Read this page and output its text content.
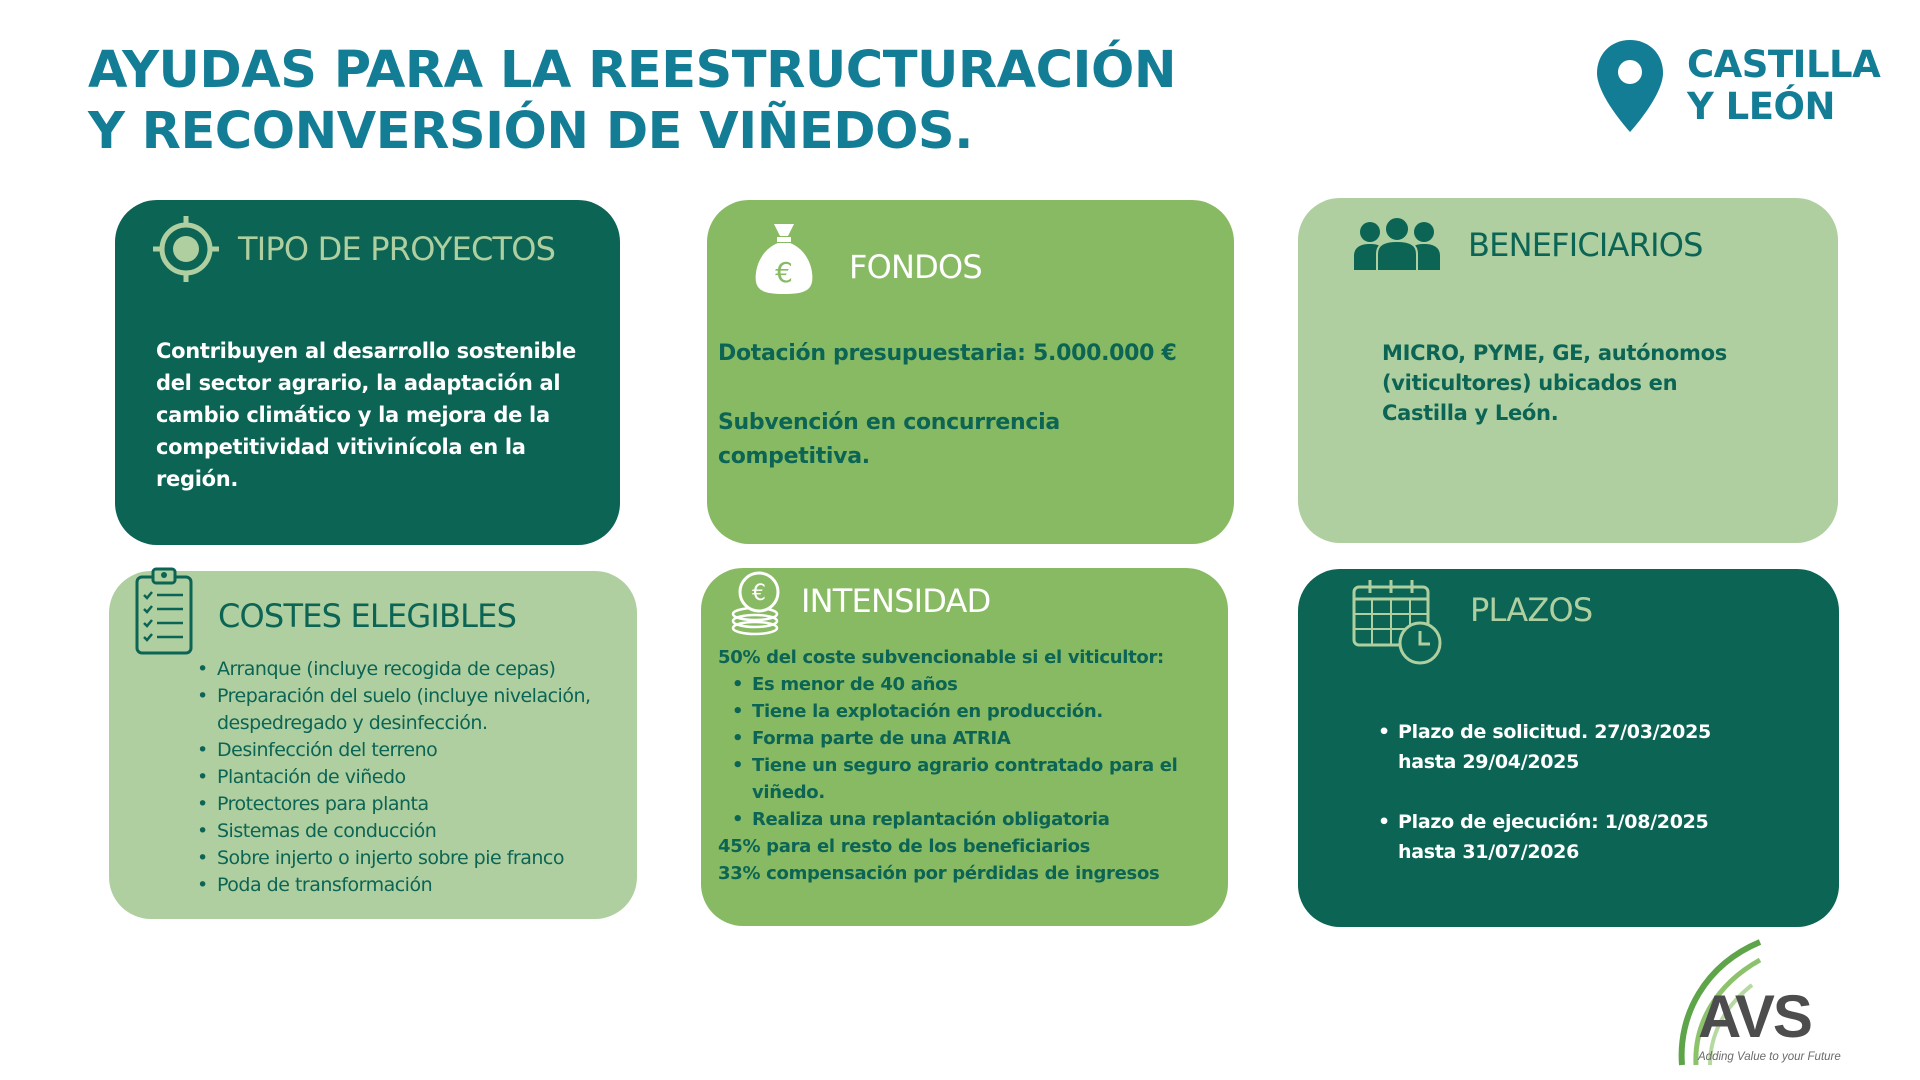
AYUDAS PARA LA REESTRUCTURACIÓN Y RECONVERSIÓN DE VIÑEDOS.
CASTILLA Y LEÓN
TIPO DE PROYECTOS
Contribuyen al desarrollo sostenible del sector agrario, la adaptación al cambio climático y la mejora de la competitividad vitivinícola en la región.
€ FONDOS
Dotación presupuestaria: 5.000.000 €
Subvención en concurrencia competitiva.
BENEFICIARIOS
MICRO, PYME, GE, autónomos (viticultores) ubicados en Castilla y León.
COSTES ELEGIBLES
• Arranque (incluye recogida de cepas)
• Preparación del suelo (incluye nivelación, despedregado y desinfección.
• Desinfección del terreno
• Plantación de viñedo
• Protectores para planta
• Sistemas de conducción
• Sobre injerto o injerto sobre pie franco
• Poda de transformación
€ INTENSIDAD
50% del coste subvencionable si el viticultor:
• Es menor de 40 años
• Tiene la explotación en producción.
• Forma parte de una ATRIA
• Tiene un seguro agrario contratado para el viñedo.
• Realiza una replantación obligatoria
45% para el resto de los beneficiarios
33% compensación por pérdidas de ingresos
PLAZOS
• Plazo de solicitud. 27/03/2025 hasta 29/04/2025
• Plazo de ejecución: 1/08/2025 hasta 31/07/2026
AVS
Adding Value to your Future
